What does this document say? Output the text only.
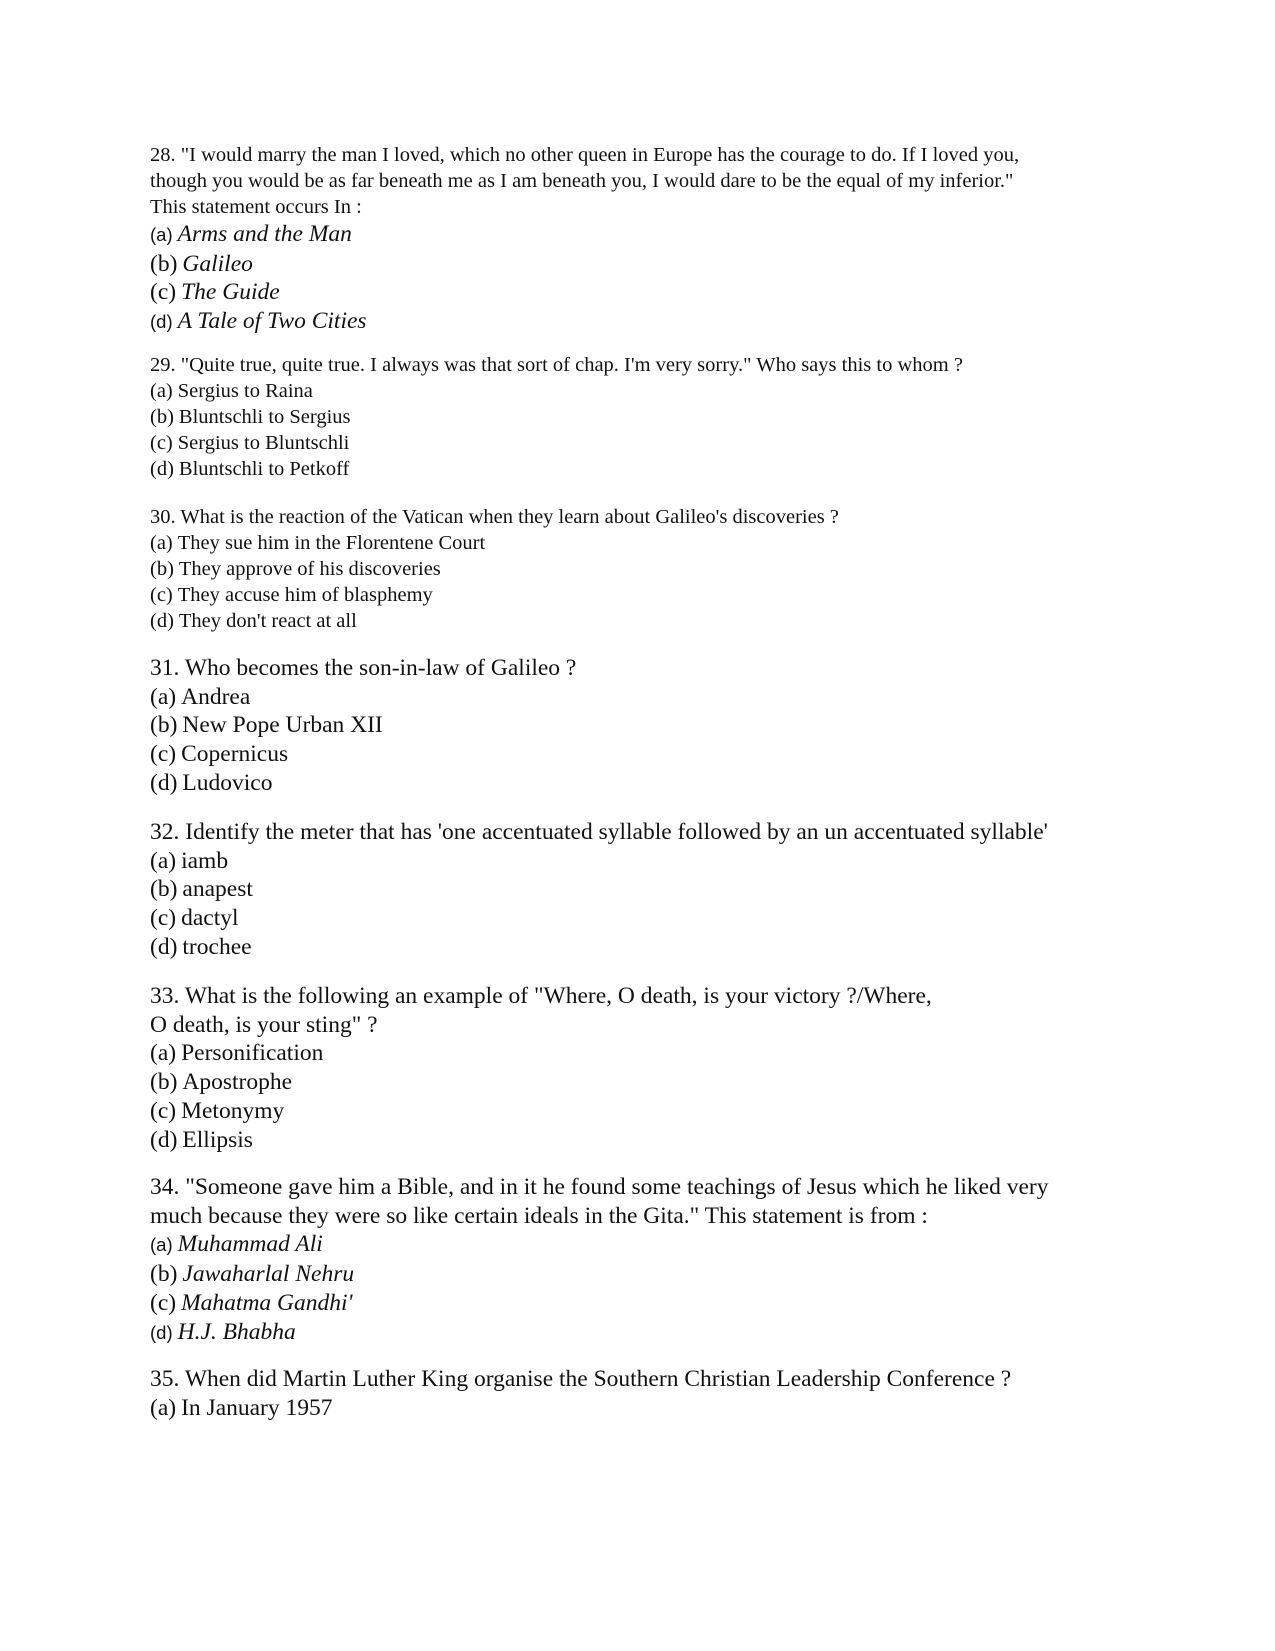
28. "I would marry the man I loved, which no other queen in Europe has the courage to do. If I loved you,
though you would be as far beneath me as I am beneath you, I would dare to be the equal of my inferior."
This statement occurs In :
(a) Arms and the Man
(b) Galileo
(c) The Guide
(d) A Tale of Two Cities
29. "Quite true, quite true. I always was that sort of chap. I'm very sorry." Who says this to whom ?
(a) Sergius to Raina
(b) Bluntschli to Sergius
(c) Sergius to Bluntschli
(d) Bluntschli to Petkoff
30. What is the reaction of the Vatican when they learn about Galileo's discoveries ?
(a) They sue him in the Florentene Court
(b) They approve of his discoveries
(c) They accuse him of blasphemy
(d) They don't react at all
31. Who becomes the son-in-law of Galileo ?
(a) Andrea
(b) New Pope Urban XII
(c) Copernicus
(d) Ludovico
32. Identify the meter that has 'one accentuated syllable followed by an un accentuated syllable'
(a) iamb
(b) anapest
(c) dactyl
(d) trochee
33. What is the following an example of "Where, O death, is your victory ?/Where,
O death, is your sting" ?
(a) Personification
(b) Apostrophe
(c) Metonymy
(d) Ellipsis
34. "Someone gave him a Bible, and in it he found some teachings of Jesus which he liked very
much because they were so like certain ideals in the Gita." This statement is from :
(a) Muhammad Ali
(b) Jawaharlal Nehru
(c) Mahatma Gandhi'
(d) H.J. Bhabha
35. When did Martin Luther King organise the Southern Christian Leadership Conference ?
(a) In January 1957
